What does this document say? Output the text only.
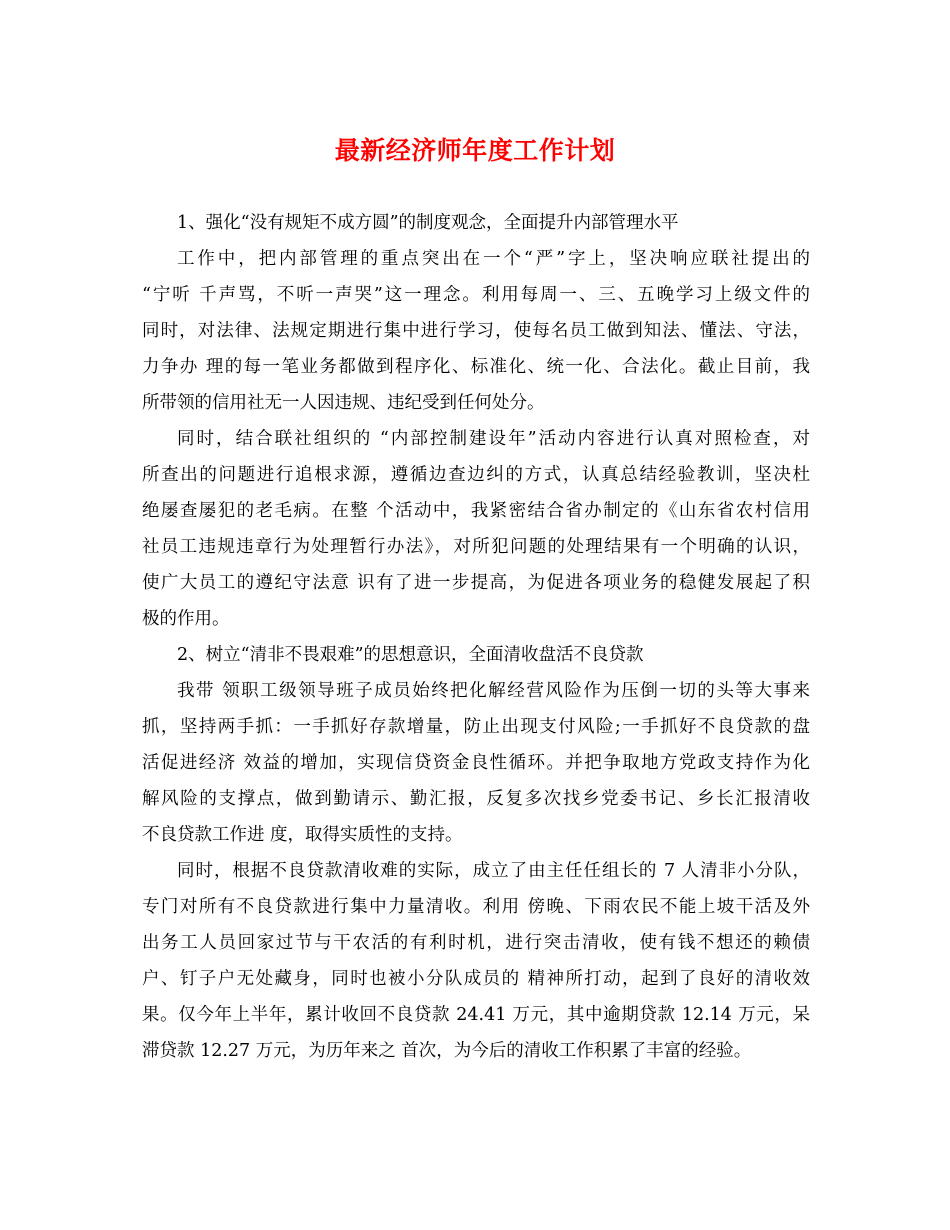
最新经济师年度工作计划
1、强化“没有规矩不成方圆”的制度观念，全面提升内部管理水平
工作中，把内部管理的重点突出在一个“严”字上，坚决响应联社提出的
“宁听 千声骂，不听一声哭”这一理念。利用每周一、三、五晚学习上级文件的
同时，对法律、法规定期进行集中进行学习，使每名员工做到知法、懂法、守法，
力争办 理的每一笔业务都做到程序化、标准化、统一化、合法化。截止目前，我
所带领的信用社无一人因违规、违纪受到任何处分。
同时，结合联社组织的 “内部控制建设年”活动内容进行认真对照检查，对
所查出的问题进行追根求源，遵循边查边纠的方式，认真总结经验教训，坚决杜
绝屡查屡犯的老毛病。在整 个活动中，我紧密结合省办制定的《山东省农村信用
社员工违规违章行为处理暂行办法》，对所犯问题的处理结果有一个明确的认识，
使广大员工的遵纪守法意 识有了进一步提高，为促进各项业务的稳健发展起了积
极的作用。
2、树立“清非不畏艰难”的思想意识，全面清收盘活不良贷款
我带 领职工级领导班子成员始终把化解经营风险作为压倒一切的头等大事来
抓，坚持两手抓：一手抓好存款增量，防止出现支付风险;一手抓好不良贷款的盘
活促进经济 效益的增加，实现信贷资金良性循环。并把争取地方党政支持作为化
解风险的支撑点，做到勤请示、勤汇报，反复多次找乡党委书记、乡长汇报清收
不良贷款工作进 度，取得实质性的支持。
同时，根据不良贷款清收难的实际，成立了由主任任组长的 7 人清非小分队，
专门对所有不良贷款进行集中力量清收。利用 傍晚、下雨农民不能上坡干活及外
出务工人员回家过节与干农活的有利时机，进行突击清收，使有钱不想还的赖债
户、钉子户无处藏身，同时也被小分队成员的 精神所打动，起到了良好的清收效
果。仅今年上半年，累计收回不良贷款 24.41 万元，其中逾期贷款 12.14 万元，呆
滞贷款 12.27 万元，为历年来之 首次，为今后的清收工作积累了丰富的经验。
